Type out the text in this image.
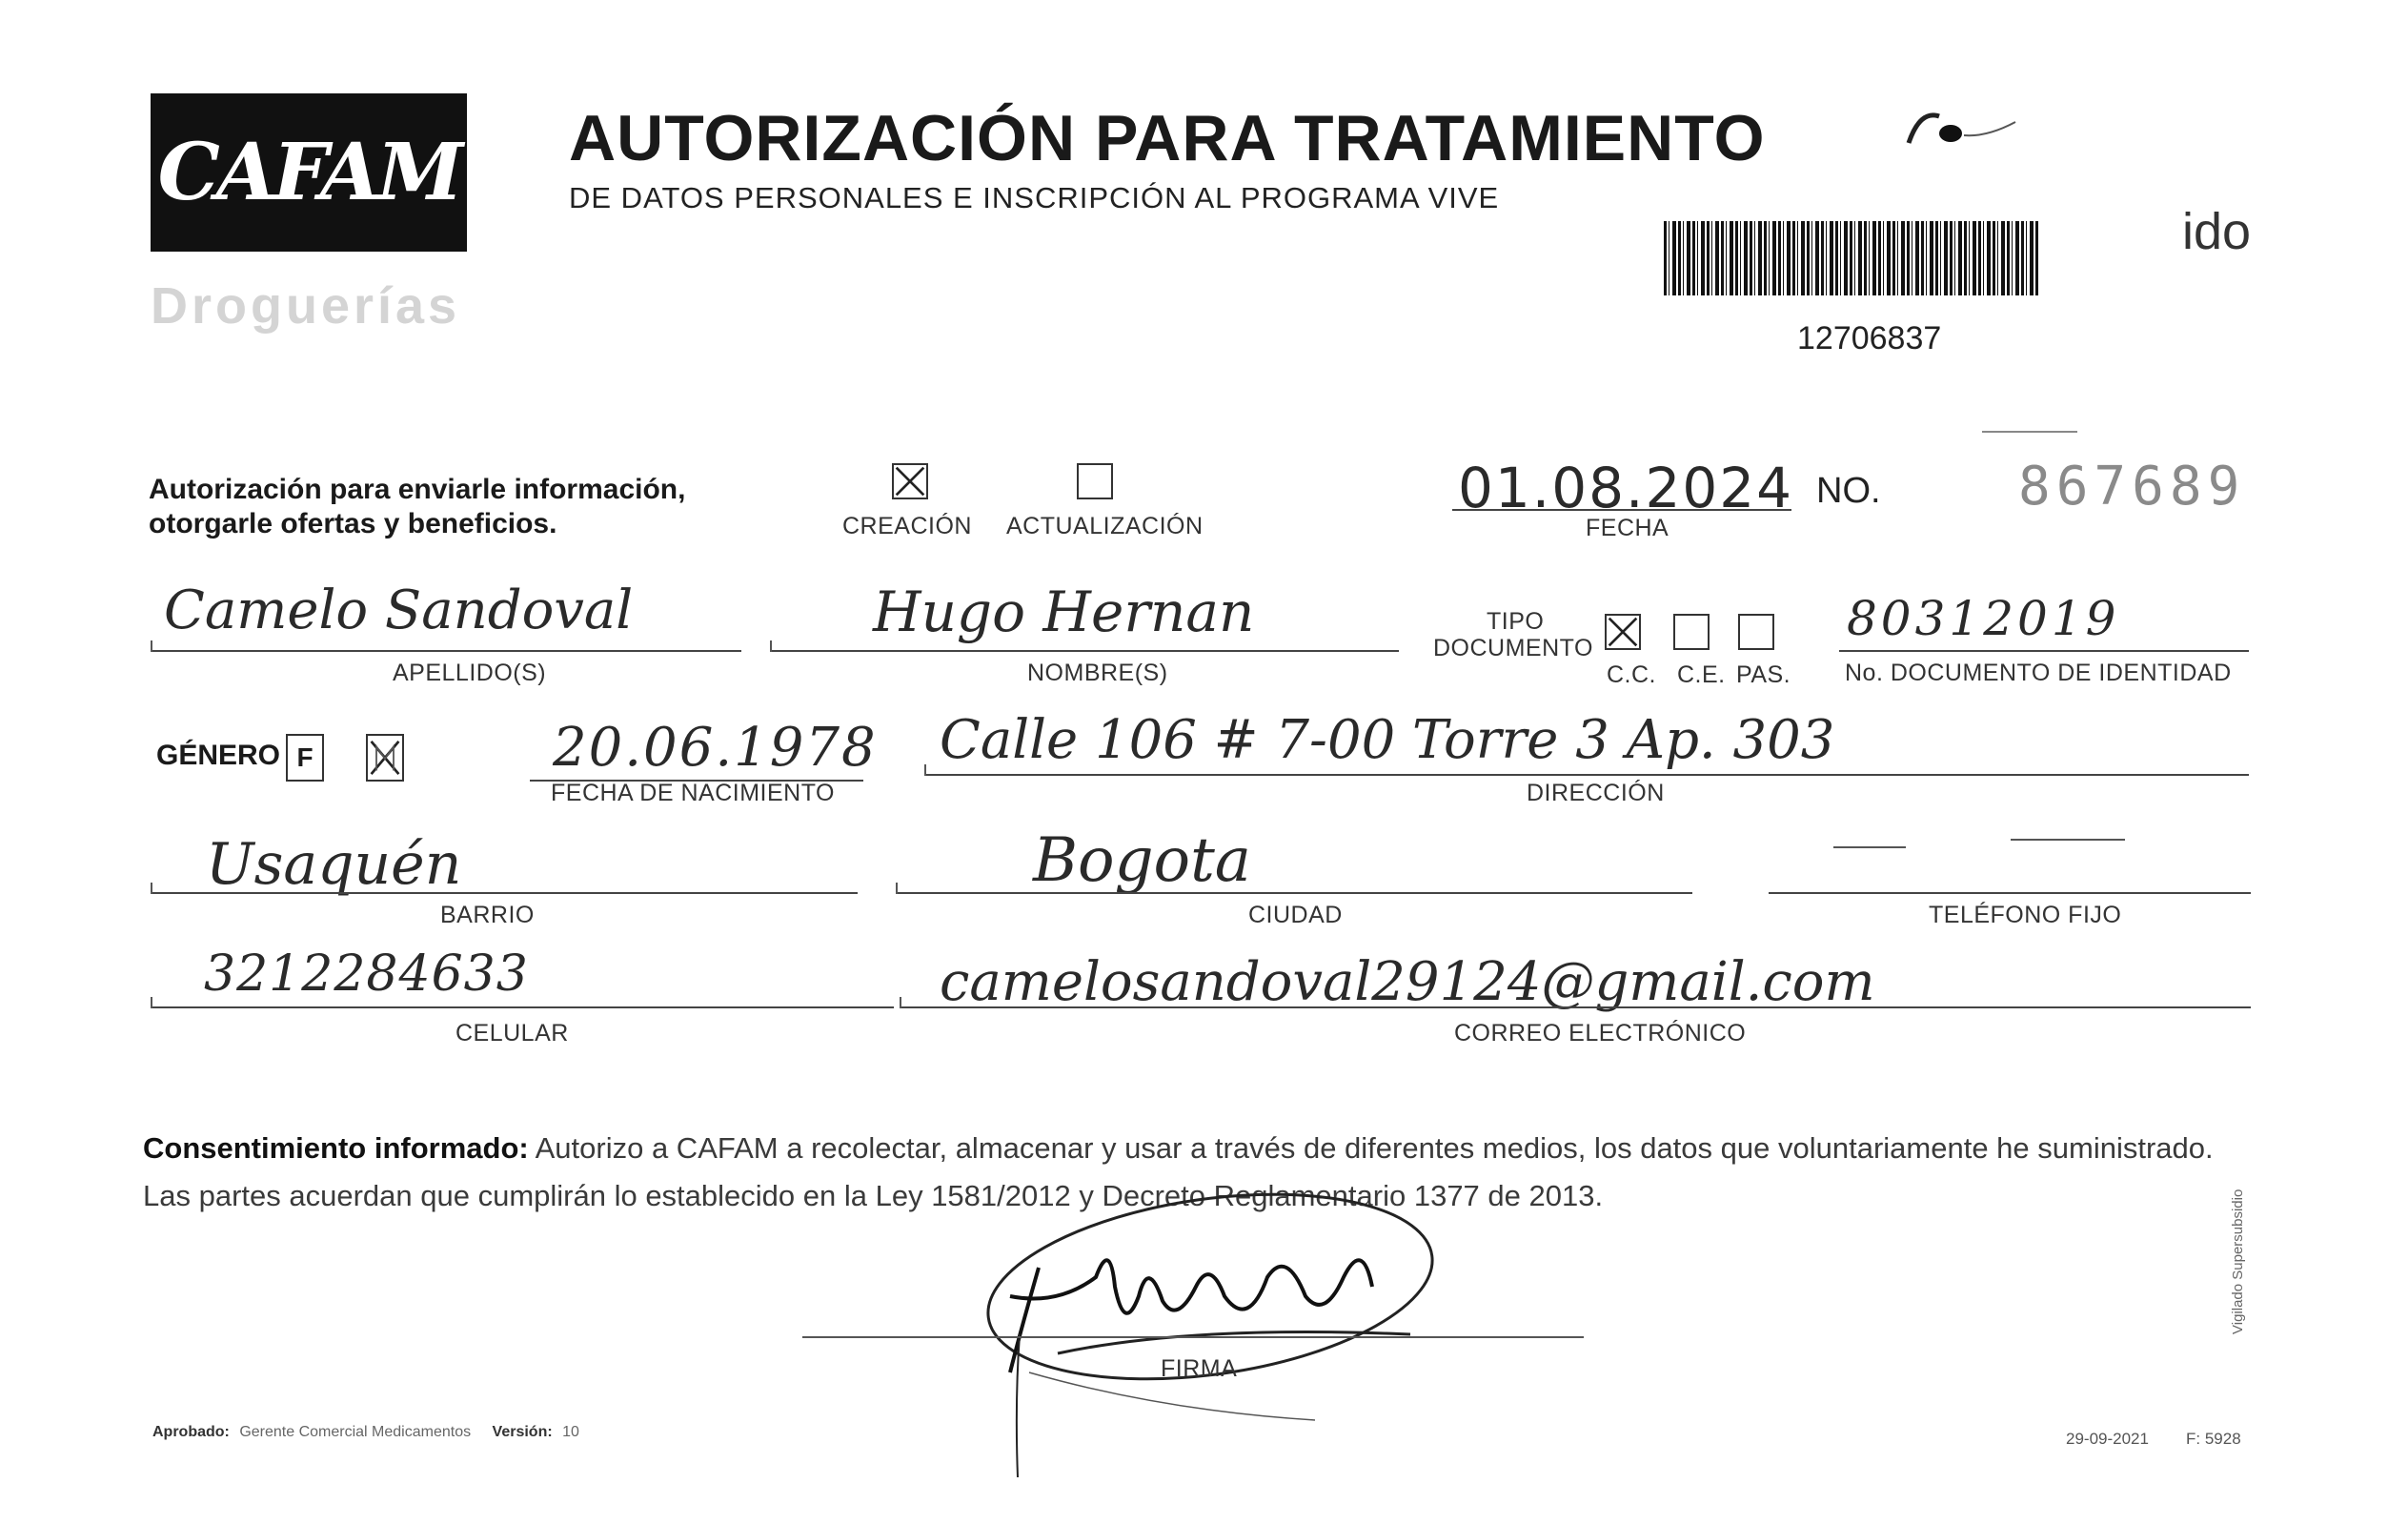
CAFAM
Droguerías
AUTORIZACIÓN PARA TRATAMIENTO
DE DATOS PERSONALES E INSCRIPCIÓN AL PROGRAMA VIVE
ido
12706837
Autorización para enviarle información,
otorgarle ofertas y beneficios.	CREACIÓN ACTUALIZACIÓN
01.08.2024
FECHA
NO.	867689
Camelo Sandoval
APELLIDO(S)
Hugo Hernan
NOMBRE(S)
TIPO
DOCUMENTO
C.C. C.E. PAS.
80312019
No. DOCUMENTO DE IDENTIDAD
GÉNERO F	20.06.1978
FECHA DE NACIMIENTO
Calle 106 # 7-00 Torre 3 Ap. 303
DIRECCIÓN
Usaquén
BARRIO
Bogota
CIUDAD	TELÉFONO FIJO
3212284633
CELULAR
camelosandoval29124@gmail.com
CORREO ELECTRÓNICO
Consentimiento informado: Autorizo a CAFAM a recolectar, almacenar y usar a través de diferentes medios, los datos que voluntariamente he suministrado.
Las partes acuerdan que cumplirán lo establecido en la Ley 1581/2012 y Decreto Reglamentario 1377 de 2013.
FIRMA
Aprobado: Gerente Comercial Medicamentos Versión: 10	29-09-2021 F: 5928
Vigilado Supersubsidio
